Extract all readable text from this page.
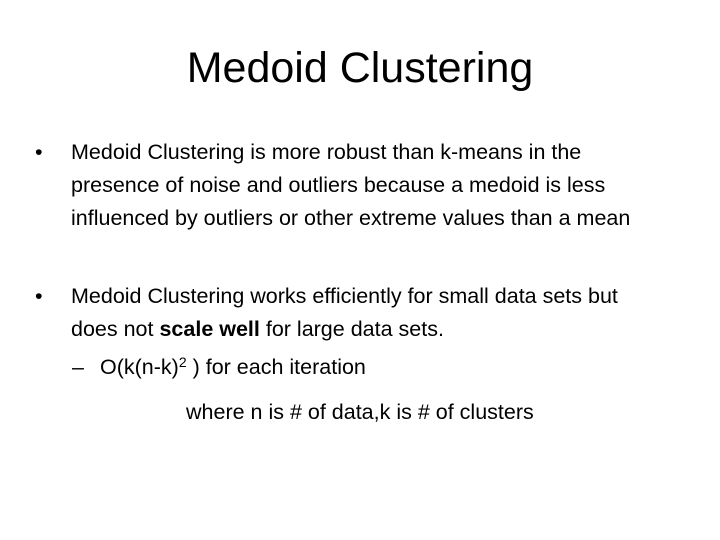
Medoid Clustering
•	Medoid Clustering is more robust than k-means in the presence of noise and outliers because a medoid is less influenced by outliers or other extreme values than a mean
•	Medoid Clustering works efficiently for small data sets but does not scale well for large data sets.
– $O(k(n-k)^2$ ) for each iteration
where n is # of data,k is # of clusters
